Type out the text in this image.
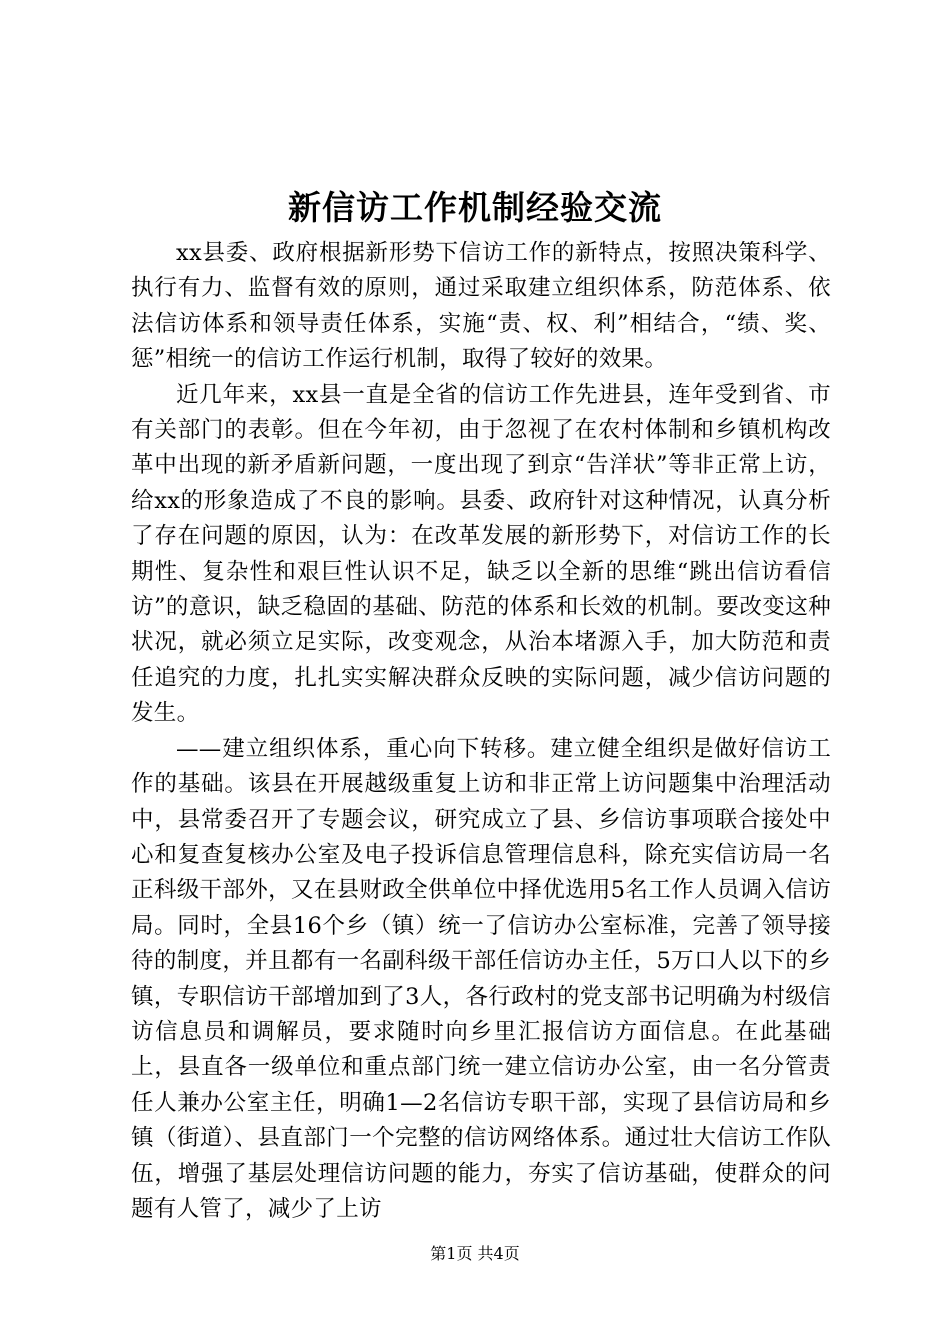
新信访工作机制经验交流

xx县委、政府根据新形势下信访工作的新特点，按照决策科学、执行有力、监督有效的原则，通过采取建立组织体系，防范体系、依法信访体系和领导责任体系，实施“责、权、利”相结合，“绩、奖、惩”相统一的信访工作运行机制，取得了较好的效果。

近几年来，xx县一直是全省的信访工作先进县，连年受到省、市有关部门的表彰。但在今年初，由于忽视了在农村体制和乡镇机构改革中出现的新矛盾新问题，一度出现了到京“告洋状”等非正常上访，给xx的形象造成了不良的影响。县委、政府针对这种情况，认真分析了存在问题的原因，认为：在改革发展的新形势下，对信访工作的长期性、复杂性和艰巨性认识不足，缺乏以全新的思维“跳出信访看信访”的意识，缺乏稳固的基础、防范的体系和长效的机制。要改变这种状况，就必须立足实际，改变观念，从治本堵源入手，加大防范和责任追究的力度，扎扎实实解决群众反映的实际问题，减少信访问题的发生。

——建立组织体系，重心向下转移。建立健全组织是做好信访工作的基础。该县在开展越级重复上访和非正常上访问题集中治理活动中，县常委召开了专题会议，研究成立了县、乡信访事项联合接处中心和复查复核办公室及电子投诉信息管理信息科，除充实信访局一名正科级干部外，又在县财政全供单位中择优选用5名工作人员调入信访局。同时，全县16个乡（镇）统一了信访办公室标准，完善了领导接待的制度，并且都有一名副科级干部任信访办主任，5万口人以下的乡镇，专职信访干部增加到了3人，各行政村的党支部书记明确为村级信访信息员和调解员，要求随时向乡里汇报信访方面信息。在此基础上，县直各一级单位和重点部门统一建立信访办公室，由一名分管责任人兼办公室主任，明确1—2名信访专职干部，实现了县信访局和乡镇（街道）、县直部门一个完整的信访网络体系。通过壮大信访工作队伍，增强了基层处理信访问题的能力，夯实了信访基础，使群众的问题有人管了，减少了上访

第1页 共4页
